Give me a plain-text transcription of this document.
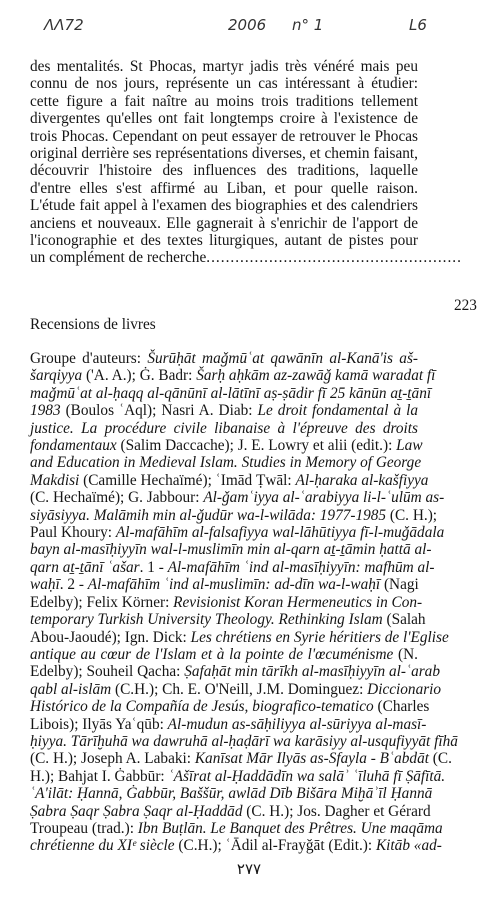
ΛΛ72	2006 n° 1	L6
des mentalités. St Phocas, martyr jadis très vénéré mais peu
connu de nos jours, représente un cas intéressant à étudier:
cette figure a fait naître au moins trois traditions tellement
divergentes qu'elles ont fait longtemps croire à l'existence de
trois Phocas. Cependant on peut essayer de retrouver le Phocas
original derrière ses représentations diverses, et chemin faisant,
découvrir l'histoire des influences des traditions, laquelle
d'entre elles s'est affirmé au Liban, et pour quelle raison.
L'étude fait appel à l'examen des biographies et des calendriers
anciens et nouveaux. Elle gagnerait à s'enrichir de l'apport de
l'iconographie et des textes liturgiques, autant de pistes pour
un complément de recherche.....................................................
223
Recensions de livres
Groupe d'auteurs: Šurūḥāt maǧmūʿat qawānīn al-Kanā'is aš-
šarqiyya ('A. A.); Ġ. Badr: Šarḥ aḥkām az-zawāǧ kamā waradat fī
maǧmūʿat al-ḥaqq al-qānūnī al-lātīnī aṣ-ṣādir fī 25 kānūn aṯ-ṯānī
1983 (Boulos ʿAql); Nasri A. Diab: Le droit fondamental à la
justice. La procédure civile libanaise à l'épreuve des droits
fondamentaux (Salim Daccache); J. E. Lowry et alii (edit.): Law
and Education in Medieval Islam. Studies in Memory of George
Makdisi (Camille Hechaïmé); ʿImād Ṭwāl: Al-ḥaraka al-kašfiyya
(C. Hechaïmé); G. Jabbour: Al-ǧamʿiyya al-ʿarabiyya li-l-ʿulūm as-
siyāsiyya. Malāmih min al-ǧudūr wa-l-wilāda: 1977-1985 (C. H.);
Paul Khoury: Al-mafāhīm al-falsafiyya wal-lāhūtiyya fī-l-muǧādala
bayn al-masīḥiyyīn wal-l-muslimīn min al-qarn aṯ-ṯāmin ḥattā al-
qarn aṯ-ṯānī ʿašar. 1 - Al-mafāhīm ʿind al-masīḥiyyīn: mafhūm al-
waḥī. 2 - Al-mafāhīm ʿind al-muslimīn: ad-dīn wa-l-waḥī (Nagi
Edelby); Felix Körner: Revisionist Koran Hermeneutics in Con-
temporary Turkish University Theology. Rethinking Islam (Salah
Abou-Jaoudé); Ign. Dick: Les chrétiens en Syrie héritiers de l'Eglise
antique au cœur de l'Islam et à la pointe de l'œcuménisme (N.
Edelby); Souheil Qacha: Ṣafaḥāt min tārīkh al-masīḥiyyīn al-ʿarab
qabl al-islām (C.H.); Ch. E. O'Neill, J.M. Dominguez: Diccionario
Histórico de la Compañía de Jesús, biografico-tematico (Charles
Libois); Ilyās Yaʿqūb: Al-mudun as-sāḥiliyya al-sūriyya al-masī-
ḥiyya. Tārīḫuhā wa dawruhā al-ḥaḍārī wa karāsiyy al-usqufiyyāt fīhā
(C. H.); Joseph A. Labaki: Kanīsat Mār Ilyās as-Sfayla - Bʿabdāt (C.
H.); Bahjat I. Ġabbūr: ʿAšīrat al-Ḥaddādīn wa salāʾ ʿīluhā fī Ṣāfītā.
ʿA'ilāt: Ḥannā, Ġabbūr, Baššūr, awlād Dīb Bišāra Miḫāʾīl Ḥannā
Ṣabra Ṣaqr Ṣabra Ṣaqr al-Ḥaddād (C. H.); Jos. Dagher et Gérard
Troupeau (trad.): Ibn Buṭlān. Le Banquet des Prêtres. Une maqāma
chrétienne du XIᵉ siècle (C.H.); ʿĀdil al-Frayǧāt (Edit.): Kitāb «ad-
٢٧٧
